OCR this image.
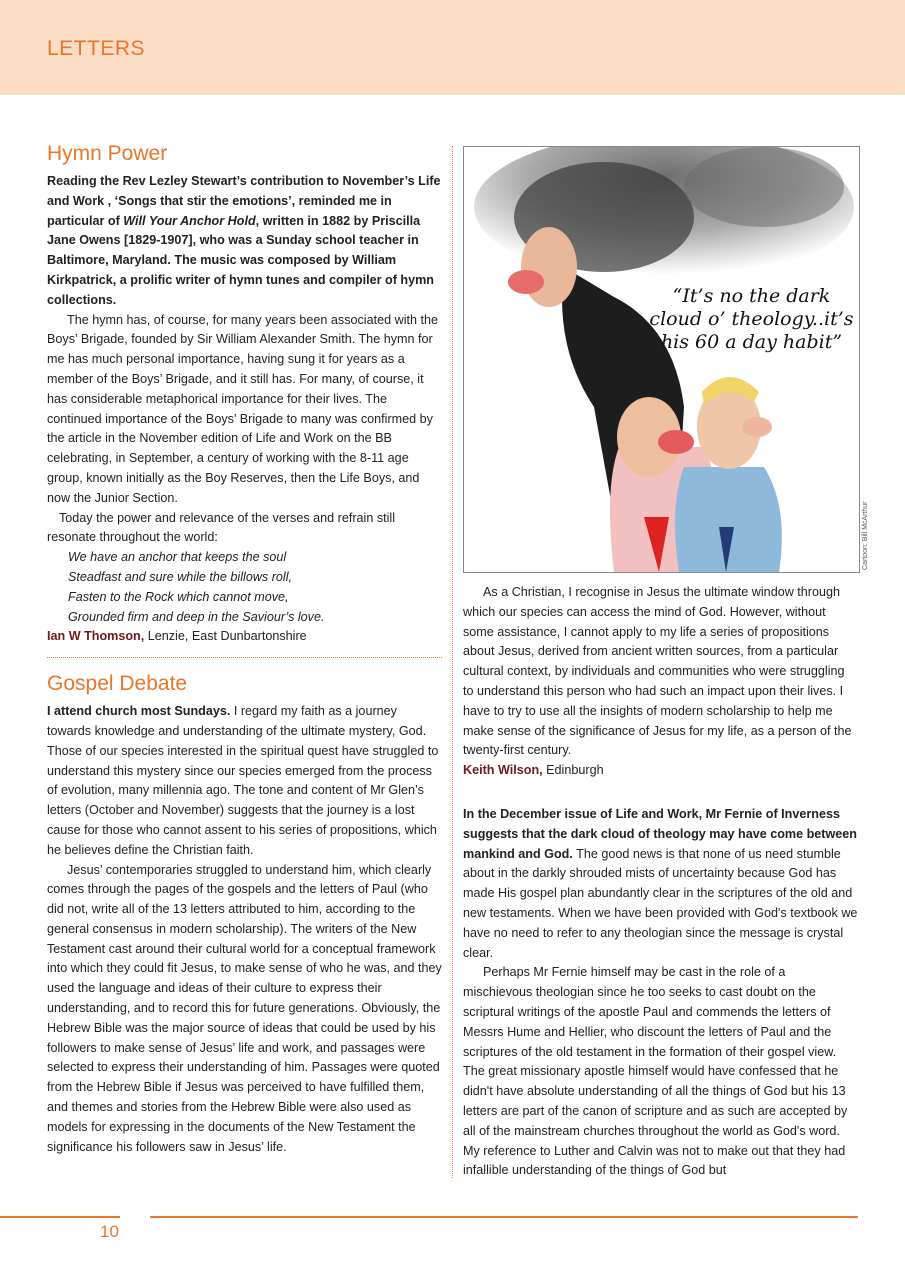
LETTERS
Hymn Power

Reading the Rev Lezley Stewart’s contribution to November’s Life and Work , ‘Songs that stir the emotions’, reminded me in particular of Will Your Anchor Hold, written in 1882 by Priscilla Jane Owens [1829-1907], who was a Sunday school teacher in Baltimore, Maryland. The music was composed by William Kirkpatrick, a prolific writer of hymn tunes and compiler of hymn collections.

The hymn has, of course, for many years been associated with the Boys’ Brigade, founded by Sir William Alexander Smith. The hymn for me has much personal importance, having sung it for years as a member of the Boys’ Brigade, and it still has. For many, of course, it has considerable metaphorical importance for their lives. The continued importance of the Boys’ Brigade to many was confirmed by the article in the November edition of Life and Work on the BB celebrating, in September, a century of working with the 8-11 age group, known initially as the Boy Reserves, then the Life Boys, and now the Junior Section.

Today the power and relevance of the verses and refrain still resonate throughout the world:

We have an anchor that keeps the soul

Steadfast and sure while the billows roll,

Fasten to the Rock which cannot move,

Grounded firm and deep in the Saviour’s love.

Ian W Thomson, Lenzie, East Dunbartonshire

Gospel Debate

I attend church most Sundays. I regard my faith as a journey towards knowledge and understanding of the ultimate mystery, God. Those of our species interested in the spiritual quest have struggled to understand this mystery since our species emerged from the process of evolution, many millennia ago. The tone and content of Mr Glen’s letters (October and November) suggests that the journey is a lost cause for those who cannot assent to his series of propositions, which he believes define the Christian faith.

Jesus’ contemporaries struggled to understand him, which clearly comes through the pages of the gospels and the letters of Paul (who did not, write all of the 13 letters attributed to him, according to the general consensus in modern scholarship). The writers of the New Testament cast around their cultural world for a conceptual framework into which they could fit Jesus, to make sense of who he was, and they used the language and ideas of their culture to express their understanding, and to record this for future generations. Obviously, the Hebrew Bible was the major source of ideas that could be used by his followers to make sense of Jesus’ life and work, and passages were selected to express their understanding of him. Passages were quoted from the Hebrew Bible if Jesus was perceived to have fulfilled them, and themes and stories from the Hebrew Bible were also used as models for expressing in the documents of the New Testament the significance his followers saw in Jesus’ life.

“It’s no the dark cloud o’ theology..it’s his 60 a day habit”
Cartoon: Bill McArthur

As a Christian, I recognise in Jesus the ultimate window through which our species can access the mind of God. However, without some assistance, I cannot apply to my life a series of propositions about Jesus, derived from ancient written sources, from a particular cultural context, by individuals and communities who were struggling to understand this person who had such an impact upon their lives. I have to try to use all the insights of modern scholarship to help me make sense of the significance of Jesus for my life, as a person of the twenty-first century.

Keith Wilson, Edinburgh

In the December issue of Life and Work, Mr Fernie of Inverness suggests that the dark cloud of theology may have come between mankind and God. The good news is that none of us need stumble about in the darkly shrouded mists of uncertainty because God has made His gospel plan abundantly clear in the scriptures of the old and new testaments. When we have been provided with God's textbook we have no need to refer to any theologian since the message is crystal clear.

Perhaps Mr Fernie himself may be cast in the role of a mischievous theologian since he too seeks to cast doubt on the scriptural writings of the apostle Paul and commends the letters of Messrs Hume and Hellier, who discount the letters of Paul and the scriptures of the old testament in the formation of their gospel view. The great missionary apostle himself would have confessed that he didn't have absolute understanding of all the things of God but his 13 letters are part of the canon of scripture and as such are accepted by all of the mainstream churches throughout the world as God's word. My reference to Luther and Calvin was not to make out that they had infallible understanding of the things of God but

10
